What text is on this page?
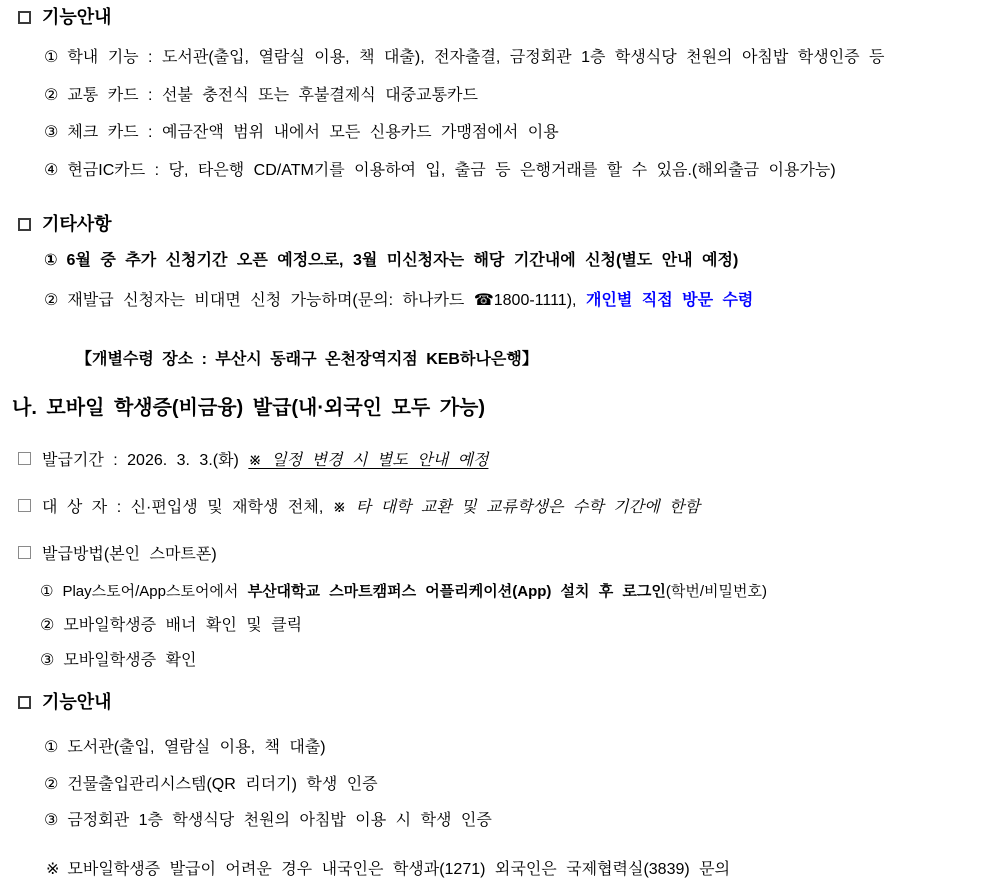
기능안내
① 학내 기능 : 도서관(출입, 열람실 이용, 책 대출), 전자출결, 금정회관 1층 학생식당 천원의 아침밥 학생인증 등
② 교통 카드 : 선불 충전식 또는 후불결제식 대중교통카드
③ 체크 카드 : 예금잔액 범위 내에서 모든 신용카드 가맹점에서 이용
④ 현금IC카드 : 당, 타은행 CD/ATM기를 이용하여 입, 출금 등 은행거래를 할 수 있음.(해외출금 이용가능)
기타사항
① 6월 중 추가 신청기간 오픈 예정으로, 3월 미신청자는 해당 기간내에 신청(별도 안내 예정)
② 재발급 신청자는 비대면 신청 가능하며(문의: 하나카드 ☎1800-1111), 개인별 직접 방문 수령
【개별수령 장소 : 부산시 동래구 온천장역지점 KEB하나은행】
나. 모바일 학생증(비금융) 발급(내·외국인 모두 가능)
발급기간 : 2026. 3. 3.(화) ※ 일정 변경 시 별도 안내 예정
대 상 자 : 신·편입생 및 재학생 전체, ※ 타 대학 교환 및 교류학생은 수학 기간에 한함
발급방법(본인 스마트폰)
① Play스토어/App스토어에서 부산대학교 스마트캠퍼스 어플리케이션(App) 설치 후 로그인(학번/비밀번호)
② 모바일학생증 배너 확인 및 클릭
③ 모바일학생증 확인
기능안내
① 도서관(출입, 열람실 이용, 책 대출)
② 건물출입관리시스템(QR 리더기) 학생 인증
③ 금정회관 1층 학생식당 천원의 아침밥 이용 시 학생 인증
※ 모바일학생증 발급이 어려운 경우 내국인은 학생과(1271) 외국인은 국제협력실(3839) 문의
